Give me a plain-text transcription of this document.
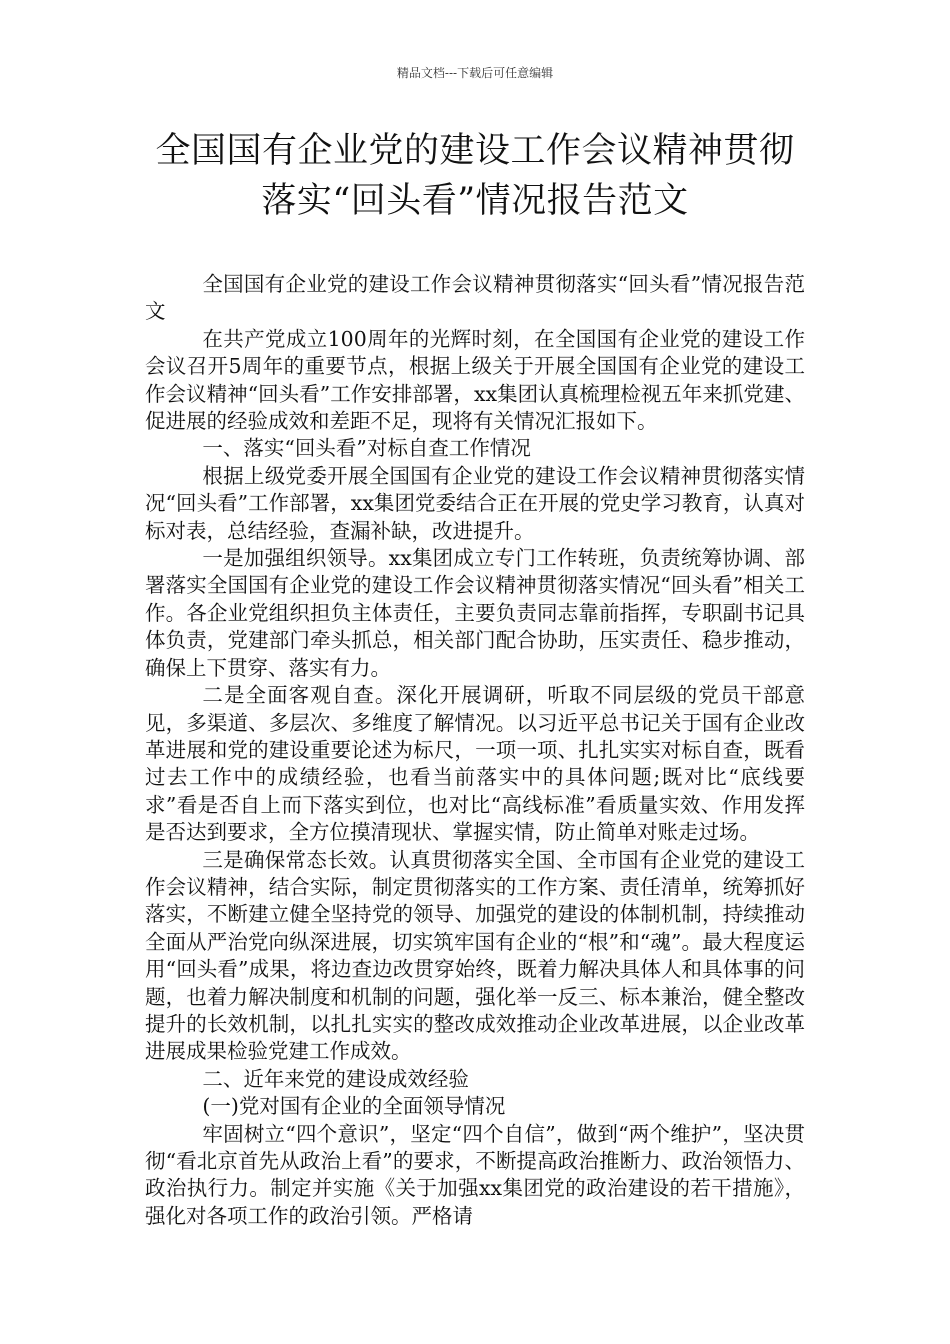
精品文档---下载后可任意编辑
全国国有企业党的建设工作会议精神贯彻落实“回头看”情况报告范文

全国国有企业党的建设工作会议精神贯彻落实“回头看”情况报告范文

在共产党成立100周年的光辉时刻，在全国国有企业党的建设工作会议召开5周年的重要节点，根据上级关于开展全国国有企业党的建设工作会议精神“回头看”工作安排部署，xx集团认真梳理检视五年来抓党建、促进展的经验成效和差距不足，现将有关情况汇报如下。

一、落实“回头看”对标自查工作情况

根据上级党委开展全国国有企业党的建设工作会议精神贯彻落实情况“回头看”工作部署，xx集团党委结合正在开展的党史学习教育，认真对标对表，总结经验，查漏补缺，改进提升。

一是加强组织领导。xx集团成立专门工作转班，负责统筹协调、部署落实全国国有企业党的建设工作会议精神贯彻落实情况“回头看”相关工作。各企业党组织担负主体责任，主要负责同志靠前指挥，专职副书记具体负责，党建部门牵头抓总，相关部门配合协助，压实责任、稳步推动，确保上下贯穿、落实有力。

二是全面客观自查。深化开展调研，听取不同层级的党员干部意见，多渠道、多层次、多维度了解情况。以习近平总书记关于国有企业改革进展和党的建设重要论述为标尺，一项一项、扎扎实实对标自查，既看过去工作中的成绩经验，也看当前落实中的具体问题;既对比“底线要求”看是否自上而下落实到位，也对比“高线标准”看质量实效、作用发挥是否达到要求，全方位摸清现状、掌握实情，防止简单对账走过场。

三是确保常态长效。认真贯彻落实全国、全市国有企业党的建设工作会议精神，结合实际，制定贯彻落实的工作方案、责任清单，统筹抓好落实，不断建立健全坚持党的领导、加强党的建设的体制机制，持续推动全面从严治党向纵深进展，切实筑牢国有企业的“根”和“魂”。最大程度运用“回头看”成果，将边查边改贯穿始终，既着力解决具体人和具体事的问题，也着力解决制度和机制的问题，强化举一反三、标本兼治，健全整改提升的长效机制，以扎扎实实的整改成效推动企业改革进展，以企业改革进展成果检验党建工作成效。

二、近年来党的建设成效经验

(一)党对国有企业的全面领导情况

牢固树立“四个意识”，坚定“四个自信”，做到“两个维护”，坚决贯彻“看北京首先从政治上看”的要求，不断提高政治推断力、政治领悟力、政治执行力。制定并实施《关于加强xx集团党的政治建设的若干措施》，强化对各项工作的政治引领。严格请
